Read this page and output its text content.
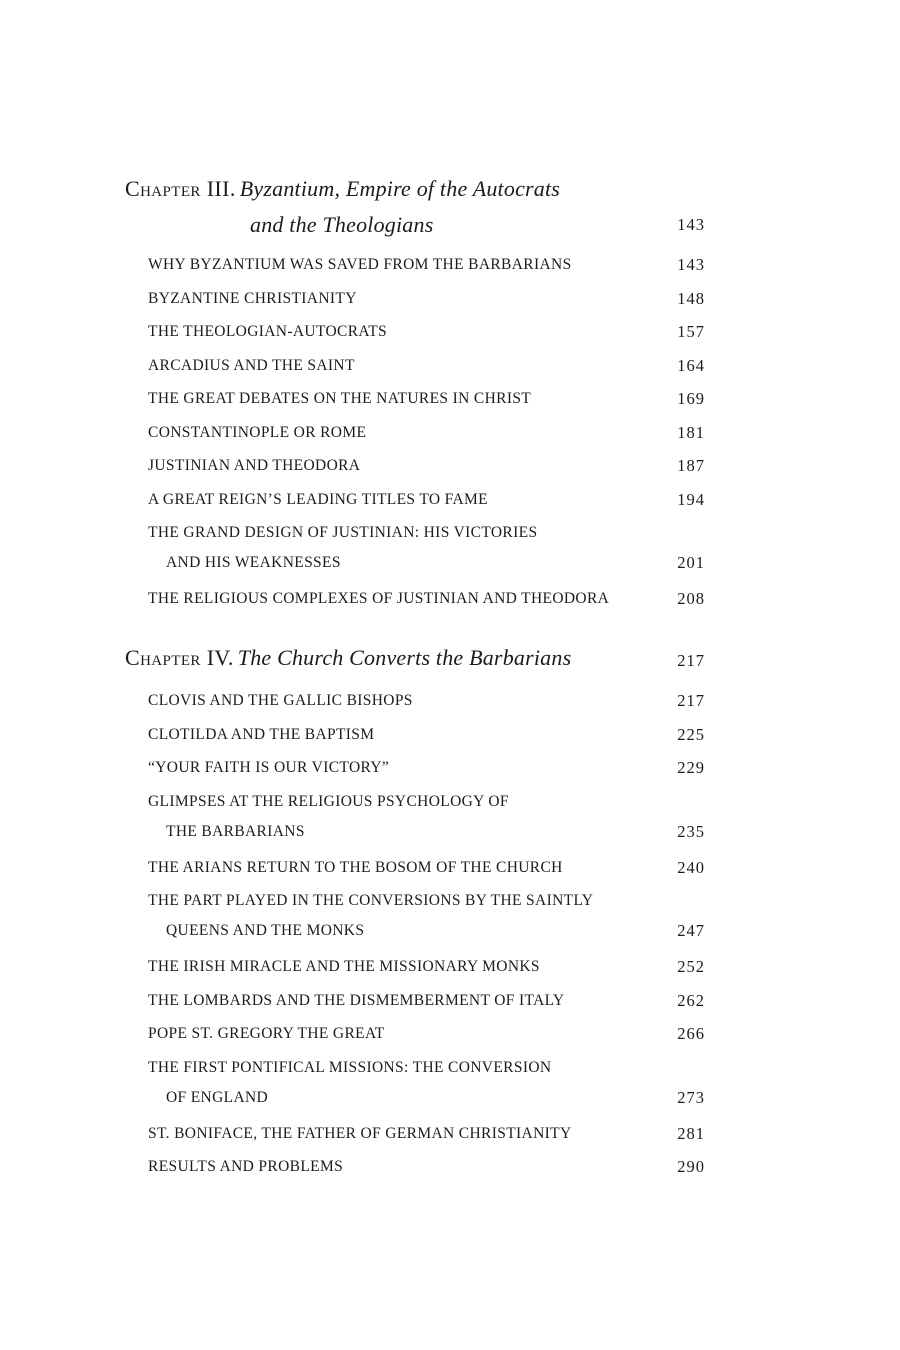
Chapter III. Byzantium, Empire of the Autocrats
and the Theologians	143
WHY BYZANTIUM WAS SAVED FROM THE BARBARIANS	143
BYZANTINE CHRISTIANITY	148
THE THEOLOGIAN-AUTOCRATS	157
ARCADIUS AND THE SAINT	164
THE GREAT DEBATES ON THE NATURES IN CHRIST	169
CONSTANTINOPLE OR ROME	181
JUSTINIAN AND THEODORA	187
A GREAT REIGN’S LEADING TITLES TO FAME	194
THE GRAND DESIGN OF JUSTINIAN: HIS VICTORIES
AND HIS WEAKNESSES	201
THE RELIGIOUS COMPLEXES OF JUSTINIAN AND THEODORA	208
Chapter IV. The Church Converts the Barbarians	217
CLOVIS AND THE GALLIC BISHOPS	217
CLOTILDA AND THE BAPTISM	225
“YOUR FAITH IS OUR VICTORY”	229
GLIMPSES AT THE RELIGIOUS PSYCHOLOGY OF
THE BARBARIANS	235
THE ARIANS RETURN TO THE BOSOM OF THE CHURCH	240
THE PART PLAYED IN THE CONVERSIONS BY THE SAINTLY
QUEENS AND THE MONKS	247
THE IRISH MIRACLE AND THE MISSIONARY MONKS	252
THE LOMBARDS AND THE DISMEMBERMENT OF ITALY	262
POPE ST. GREGORY THE GREAT	266
THE FIRST PONTIFICAL MISSIONS: THE CONVERSION
OF ENGLAND	273
ST. BONIFACE, THE FATHER OF GERMAN CHRISTIANITY	281
RESULTS AND PROBLEMS	290
